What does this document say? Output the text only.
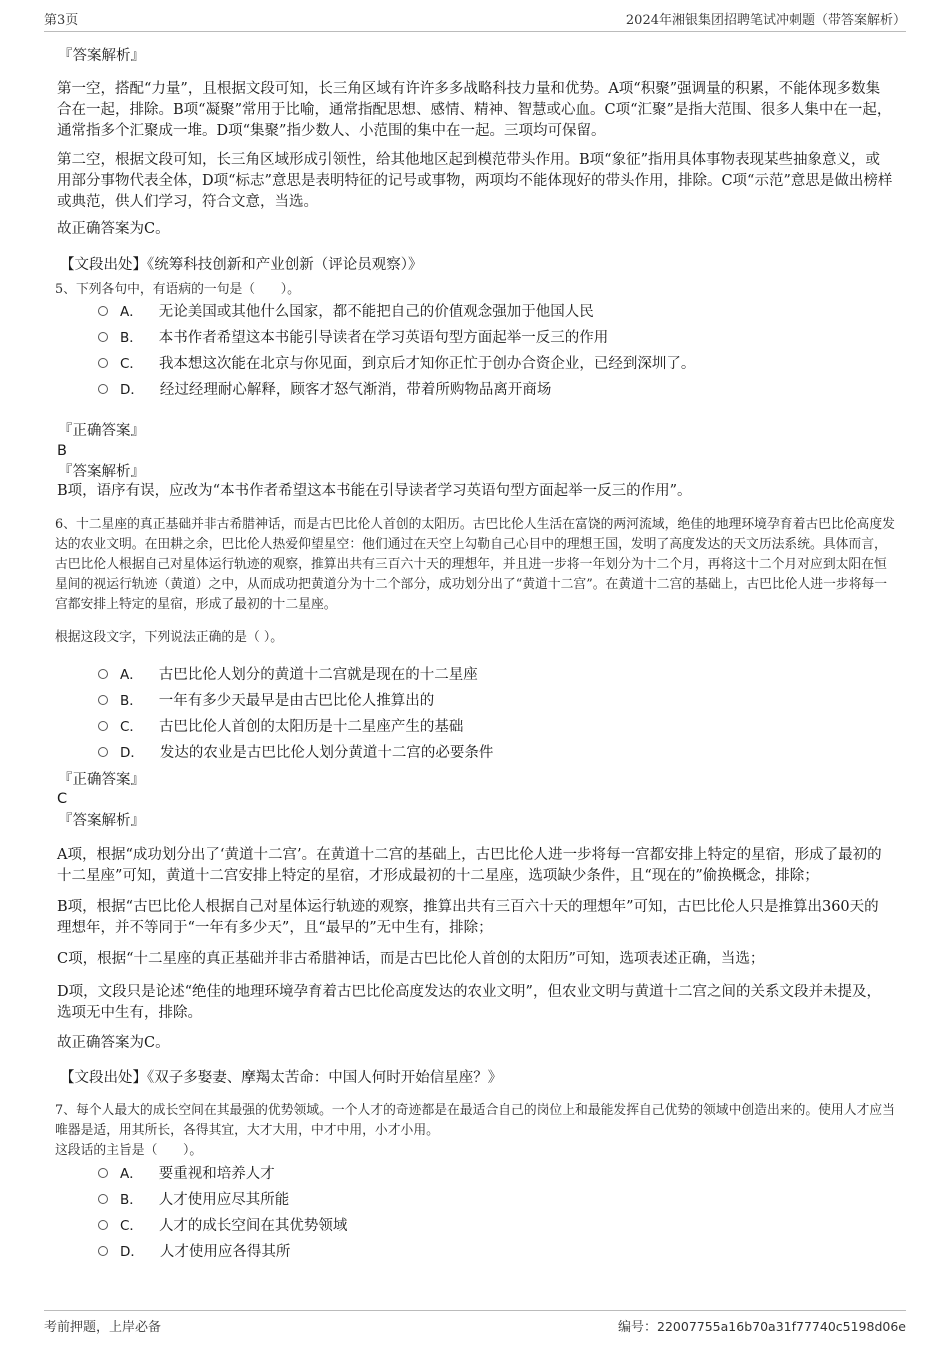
第3页	2024年湘银集团招聘笔试冲刺题（带答案解析）
『答案解析』
第一空，搭配“力量”，且根据文段可知，长三角区域有许许多多战略科技力量和优势。A项“积聚”强调量的积累，不能体现多数集合在一起，排除。B项“凝聚”常用于比喻，通常指配思想、感情、精神、智慧或心血。C项“汇聚”是指大范围、很多人集中在一起，通常指多个汇聚成一堆。D项“集聚”指少数人、小范围的集中在一起。三项均可保留。
第二空，根据文段可知，长三角区域形成引领性，给其他地区起到模范带头作用。B项“象征”指用具体事物表现某些抽象意义，或用部分事物代表全体，D项“标志”意思是表明特征的记号或事物，两项均不能体现好的带头作用，排除。C项“示范”意思是做出榜样或典范，供人们学习，符合文意，当选。
故正确答案为C。
【文段出处】《统筹科技创新和产业创新（评论员观察）》
5、下列各句中，有语病的一句是（　　）。
A． 无论美国或其他什么国家，都不能把自己的价值观念强加于他国人民
B． 本书作者希望这本书能引导读者在学习英语句型方面起举一反三的作用
C． 我本想这次能在北京与你见面，到京后才知你正忙于创办合资企业，已经到深圳了。
D． 经过经理耐心解释，顾客才怒气渐消，带着所购物品离开商场
『正确答案』
B
『答案解析』
B项，语序有误，应改为“本书作者希望这本书能在引导读者学习英语句型方面起举一反三的作用”。
6、十二星座的真正基础并非古希腊神话，而是古巴比伦人首创的太阳历。古巴比伦人生活在富饶的两河流域，绝佳的地理环境孕育着古巴比伦高度发达的农业文明。在田耕之余，巴比伦人热爱仰望星空：他们通过在天空上勾勒自己心目中的理想王国，发明了高度发达的天文历法系统。具体而言，古巴比伦人根据自己对星体运行轨迹的观察，推算出共有三百六十天的理想年，并且进一步将一年划分为十二个月，再将这十二个月对应到太阳在恒星间的视运行轨迹（黄道）之中，从而成功把黄道分为十二个部分，成功划分出了“黄道十二宫”。在黄道十二宫的基础上，古巴比伦人进一步将每一宫都安排上特定的星宿，形成了最初的十二星座。
根据这段文字，下列说法正确的是（ ）。
A． 古巴比伦人划分的黄道十二宫就是现在的十二星座
B． 一年有多少天最早是由古巴比伦人推算出的
C． 古巴比伦人首创的太阳历是十二星座产生的基础
D． 发达的农业是古巴比伦人划分黄道十二宫的必要条件
『正确答案』
C
『答案解析』
A项，根据“成功划分出了‘黄道十二宫’。在黄道十二宫的基础上，古巴比伦人进一步将每一宫都安排上特定的星宿，形成了最初的十二星座”可知，黄道十二宫安排上特定的星宿，才形成最初的十二星座，选项缺少条件，且“现在的”偷换概念，排除；
B项，根据“古巴比伦人根据自己对星体运行轨迹的观察，推算出共有三百六十天的理想年”可知，古巴比伦人只是推算出360天的理想年，并不等同于“一年有多少天”，且“最早的”无中生有，排除；
C项，根据“十二星座的真正基础并非古希腊神话，而是古巴比伦人首创的太阳历”可知，选项表述正确，当选；
D项，文段只是论述“绝佳的地理环境孕育着古巴比伦高度发达的农业文明”，但农业文明与黄道十二宫之间的关系文段并未提及，选项无中生有，排除。
故正确答案为C。
【文段出处】《双子多娶妻、摩羯太苦命：中国人何时开始信星座？》
7、每个人最大的成长空间在其最强的优势领域。一个人才的奇迹都是在最适合自己的岗位上和最能发挥自己优势的领域中创造出来的。使用人才应当唯器是适，用其所长，各得其宜，大才大用，中才中用，小才小用。
这段话的主旨是（　　）。
A． 要重视和培养人才
B． 人才使用应尽其所能
C． 人才的成长空间在其优势领域
D． 人才使用应各得其所
考前押题，上岸必备	编号：22007755a16b70a31f77740c5198d06e
